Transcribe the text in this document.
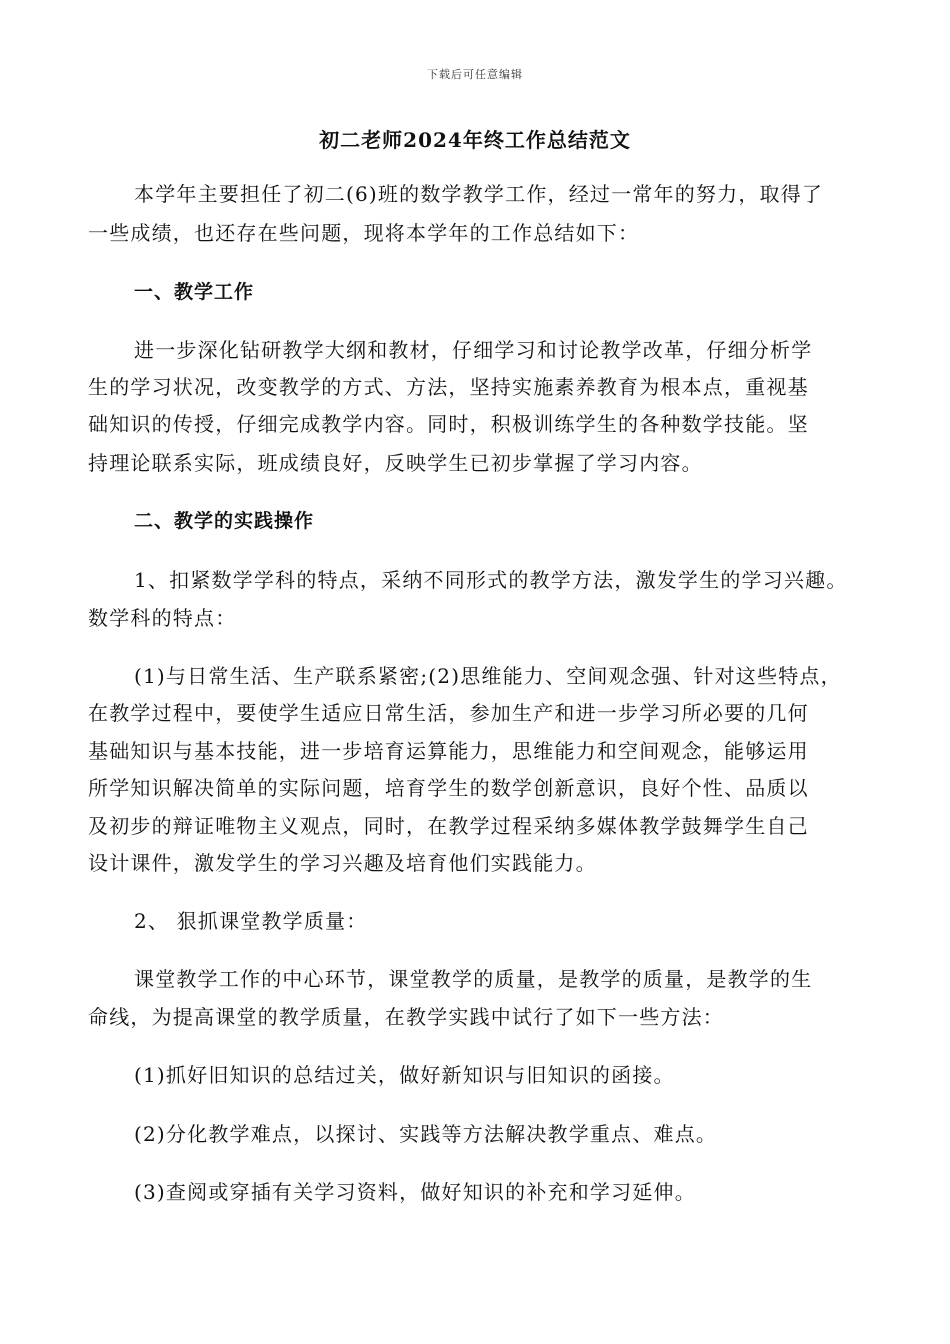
下载后可任意编辑
初二老师2024年终工作总结范文
本学年主要担任了初二(6)班的数学教学工作，经过一常年的努力，取得了
一些成绩，也还存在些问题，现将本学年的工作总结如下：
一、教学工作
进一步深化钻研教学大纲和教材，仔细学习和讨论教学改革，仔细分析学
生的学习状况，改变教学的方式、方法，坚持实施素养教育为根本点，重视基
础知识的传授，仔细完成教学内容。同时，积极训练学生的各种数学技能。坚
持理论联系实际，班成绩良好，反映学生已初步掌握了学习内容。
二、教学的实践操作
1、扣紧数学学科的特点，采纳不同形式的教学方法，激发学生的学习兴趣。
数学科的特点：
(1)与日常生活、生产联系紧密;(2)思维能力、空间观念强、针对这些特点，
在教学过程中，要使学生适应日常生活，参加生产和进一步学习所必要的几何
基础知识与基本技能，进一步培育运算能力，思维能力和空间观念，能够运用
所学知识解决简单的实际问题，培育学生的数学创新意识，良好个性、品质以
及初步的辩证唯物主义观点，同时，在教学过程采纳多媒体教学鼓舞学生自己
设计课件，激发学生的学习兴趣及培育他们实践能力。
2、 狠抓课堂教学质量：
课堂教学工作的中心环节，课堂教学的质量，是教学的质量，是教学的生
命线，为提高课堂的教学质量，在教学实践中试行了如下一些方法：
(1)抓好旧知识的总结过关，做好新知识与旧知识的函接。
(2)分化教学难点，以探讨、实践等方法解决教学重点、难点。
(3)查阅或穿插有关学习资料，做好知识的补充和学习延伸。
